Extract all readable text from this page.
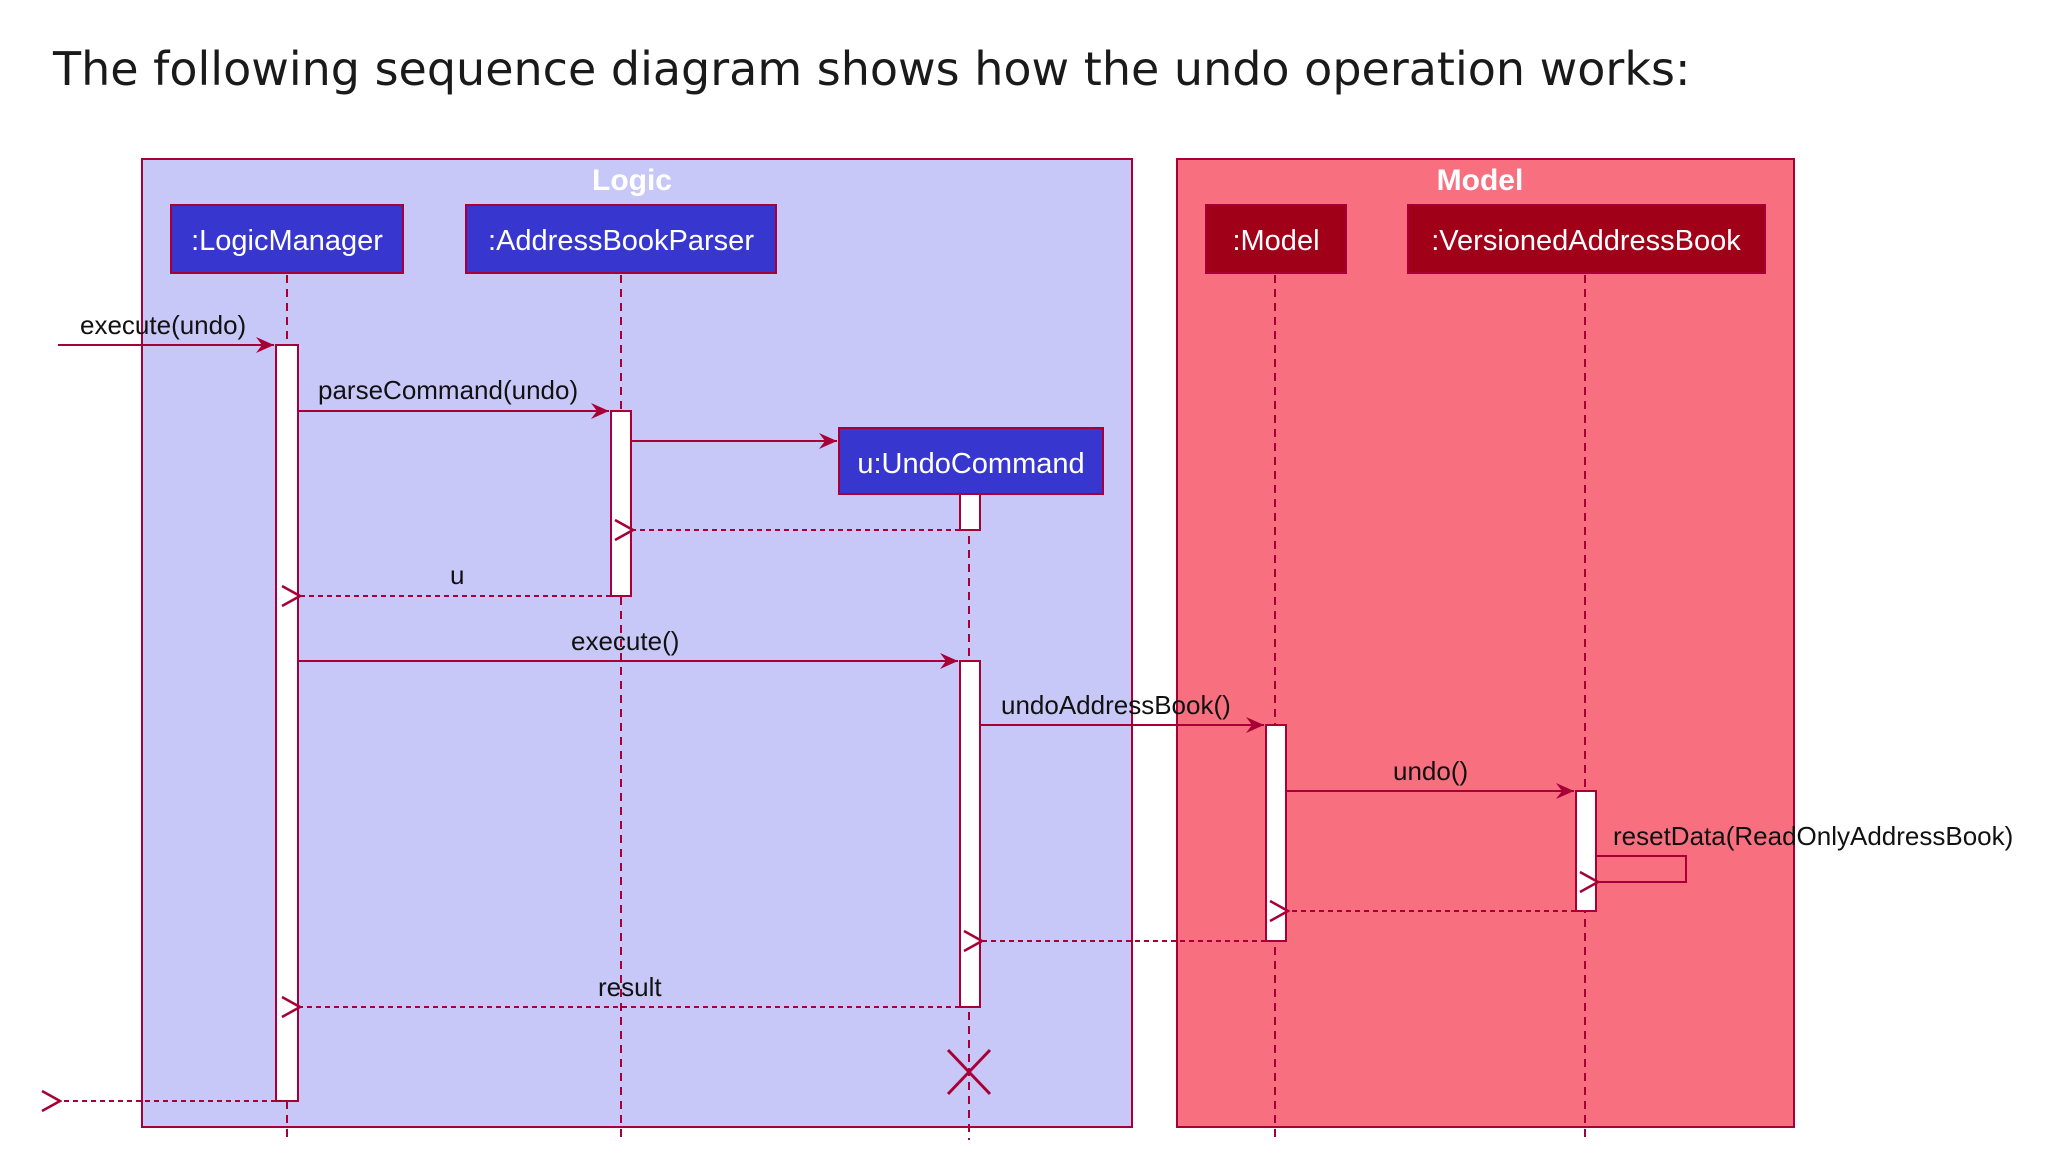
The following sequence diagram shows how the undo operation works:
Logic	Model
:LogicManager	:AddressBookParser
u:UndoCommand
:Model	:VersionedAddressBook
execute(undo)
parseCommand(undo)
u
execute()
undoAddressBook()
undo()
resetData(ReadOnlyAddressBook)
result
